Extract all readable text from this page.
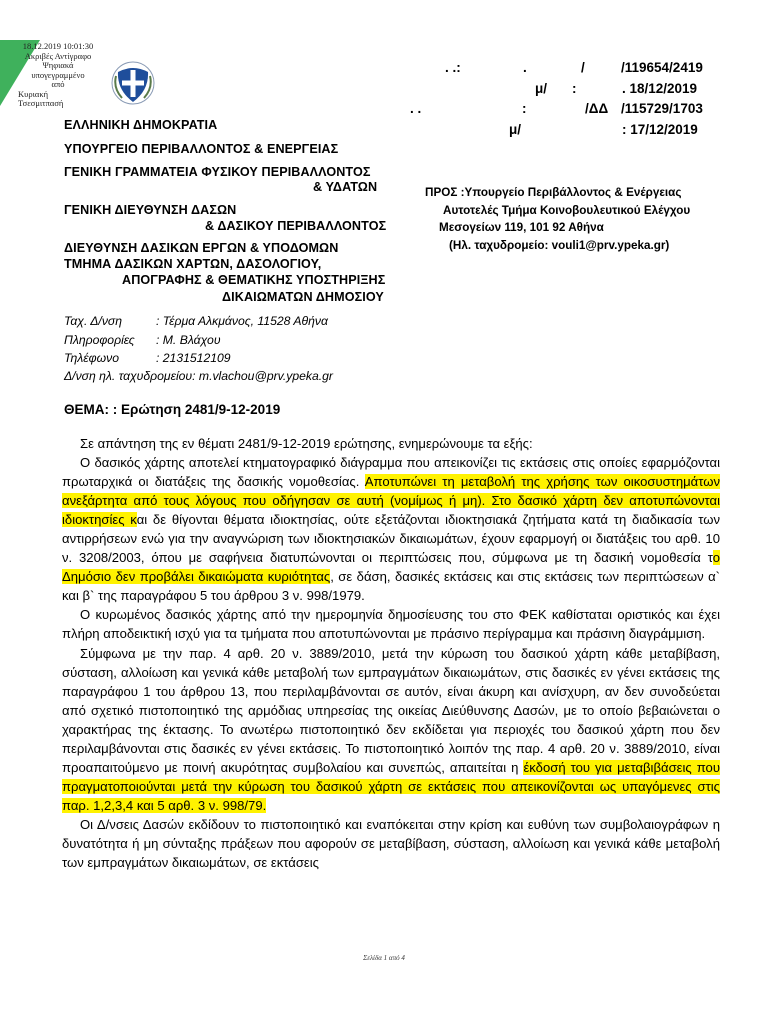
18.12.2019 10:01:30
Ακριβές Αντίγραφο
Ψηφιακά
υπογεγραμμένο
από
Κυριακή
Τσεσμιτπασή
. .:	.	/	/119654/2419
μ/ :	. 18/12/2019
. .	:	/ΔΔ /115729/1703
μ/	: 17/12/2019
ΕΛΛΗΝΙΚΗ ΔΗΜΟΚΡΑΤΙΑ
ΥΠΟΥΡΓΕΙΟ ΠΕΡΙΒΑΛΛΟΝΤΟΣ & ΕΝΕΡΓΕΙΑΣ
ΓΕΝΙΚΗ ΓΡΑΜΜΑΤΕΙΑ ΦΥΣΙΚΟΥ ΠΕΡΙΒΑΛΛΟΝΤΟΣ
& ΥΔΑΤΩΝ
ΓΕΝΙΚΗ ΔΙΕΥΘΥΝΣΗ ΔΑΣΩΝ
& ΔΑΣΙΚΟΥ ΠΕΡΙΒΑΛΛΟΝΤΟΣ
ΔΙΕΥΘΥΝΣΗ ΔΑΣΙΚΩΝ ΕΡΓΩΝ & ΥΠΟΔΟΜΩΝ
ΤΜΗΜΑ ΔΑΣΙΚΩΝ ΧΑΡΤΩΝ, ΔΑΣΟΛΟΓΙΟΥ,
ΑΠΟΓΡΑΦΗΣ & ΘΕΜΑΤΙΚΗΣ ΥΠΟΣΤΗΡΙΞΗΣ
ΔΙΚΑΙΩΜΑΤΩΝ ΔΗΜΟΣΙΟΥ
Ταχ. Δ/νση	: Τέρμα Αλκμάνος, 11528 Αθήνα
Πληροφορίες : Μ. Βλάχου
Τηλέφωνο	: 2131512109
Δ/νση ηλ. ταχυδρομείου: m.vlachou@prv.ypeka.gr
ΠΡΟΣ :Υπουργείο Περιβάλλοντος & Ενέργειας
Αυτοτελές Τμήμα Κοινοβουλευτικού Ελέγχου
Μεσογείων 119, 101 92 Αθήνα
(Ηλ. ταχυδρομείο: vouli1@prv.ypeka.gr)
ΘΕΜΑ: : Ερώτηση 2481/9-12-2019

Σε απάντηση της εν θέματι 2481/9-12-2019 ερώτησης, ενημερώνουμε τα εξής:

Ο δασικός χάρτης αποτελεί κτηματογραφικό διάγραμμα που απεικονίζει τις εκτάσεις στις οποίες εφαρμόζονται πρωταρχικά οι διατάξεις της δασικής νομοθεσίας. Αποτυπώνει τη μεταβολή της χρήσης των οικοσυστημάτων ανεξάρτητα από τους λόγους που οδήγησαν σε αυτή (νομίμως ή μη). Στο δασικό χάρτη δεν αποτυπώνονται ιδιοκτησίες και δε θίγονται θέματα ιδιοκτησίας, ούτε εξετάζονται ιδιοκτησιακά ζητήματα κατά τη διαδικασία των αντιρρήσεων ενώ για την αναγνώριση των ιδιοκτησιακών δικαιωμάτων, έχουν εφαρμογή οι διατάξεις του αρθ. 10 ν. 3208/2003, όπου με σαφήνεια διατυπώνονται οι περιπτώσεις που, σύμφωνα με τη δασική νομοθεσία το Δημόσιο δεν προβάλει δικαιώματα κυριότητας, σε δάση, δασικές εκτάσεις και στις εκτάσεις των περιπτώσεων α` και β` της παραγράφου 5 του άρθρου 3 ν. 998/1979.

Ο κυρωμένος δασικός χάρτης από την ημερομηνία δημοσίευσης του στο ΦΕΚ καθίσταται οριστικός και έχει πλήρη αποδεικτική ισχύ για τα τμήματα που αποτυπώνονται με πράσινο περίγραμμα και πράσινη διαγράμμιση.

Σύμφωνα με την παρ. 4 αρθ. 20 ν. 3889/2010, μετά την κύρωση του δασικού χάρτη κάθε μεταβίβαση, σύσταση, αλλοίωση και γενικά κάθε μεταβολή των εμπραγμάτων δικαιωμάτων, στις δασικές εν γένει εκτάσεις της παραγράφου 1 του άρθρου 13, που περιλαμβάνονται σε αυτόν, είναι άκυρη και ανίσχυρη, αν δεν συνοδεύεται από σχετικό πιστοποιητικό της αρμόδιας υπηρεσίας της οικείας Διεύθυνσης Δασών, με το οποίο βεβαιώνεται ο χαρακτήρας της έκτασης. Το ανωτέρω πιστοποιητικό δεν εκδίδεται για περιοχές του δασικού χάρτη που δεν περιλαμβάνονται στις δασικές εν γένει εκτάσεις. Το πιστοποιητικό λοιπόν της παρ. 4 αρθ. 20 ν. 3889/2010, είναι προαπαιτούμενο με ποινή ακυρότητας συμβολαίου και συνεπώς, απαιτείται η έκδοσή του για μεταβιβάσεις που πραγματοποιούνται μετά την κύρωση του δασικού χάρτη σε εκτάσεις που απεικονίζονται ως υπαγόμενες στις παρ. 1,2,3,4 και 5 αρθ. 3 ν. 998/79.

Οι Δ/νσεις Δασών εκδίδουν το πιστοποιητικό και εναπόκειται στην κρίση και ευθύνη των συμβολαιογράφων η δυνατότητα ή μη σύνταξης πράξεων που αφορούν σε μεταβίβαση, σύσταση, αλλοίωση και γενικά κάθε μεταβολή των εμπραγμάτων δικαιωμάτων, σε εκτάσεις

Σελίδα 1 από 4
